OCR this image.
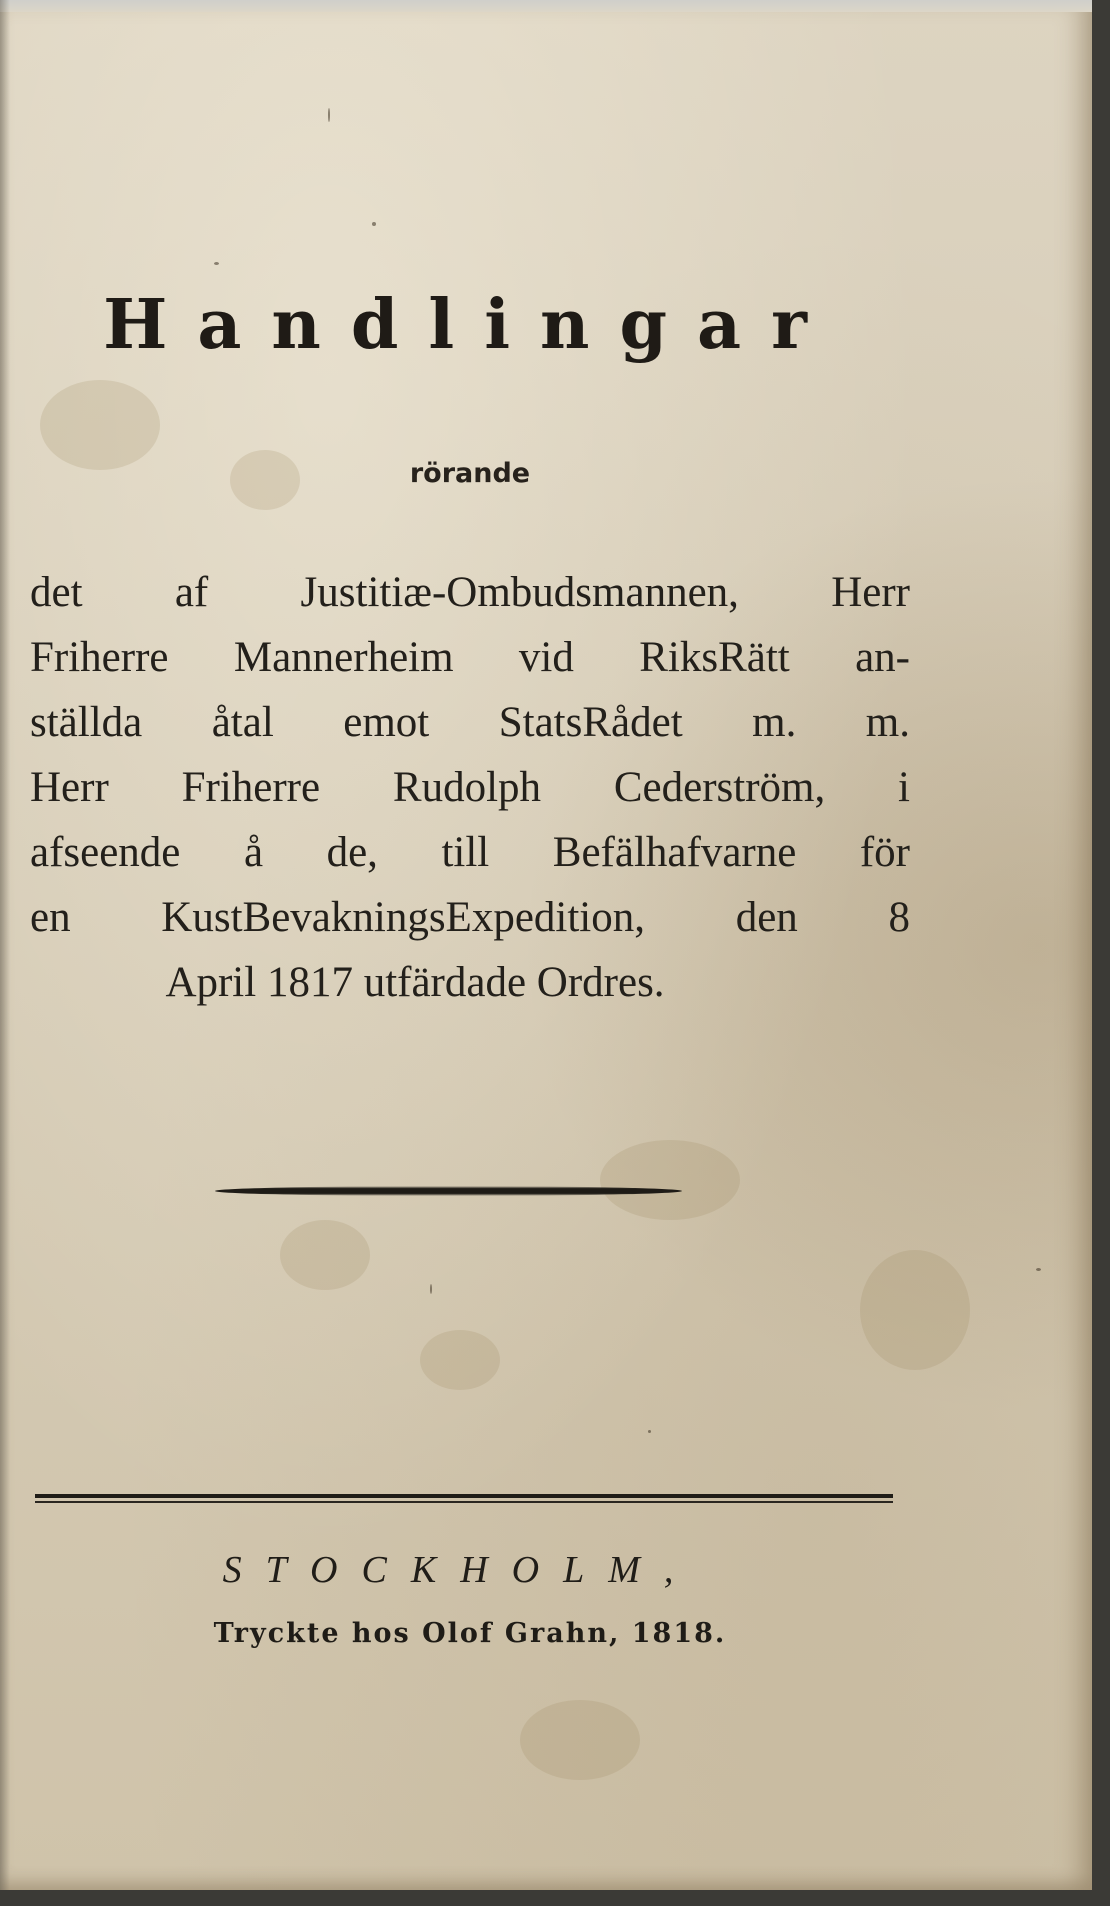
Handlingar
rörande
det af Justitiæ-Ombudsmannen, Herr
Friherre Mannerheim vid RiksRätt an-
ställda åtal emot StatsRådet m. m.
Herr Friherre Rudolph Cederström, i
afseende å de, till Befälhafvarne för
en KustBevakningsExpedition, den 8
April 1817 utfärdade Ordres.
STOCKHOLM,
Tryckte hos Olof Grahn, 1818.
